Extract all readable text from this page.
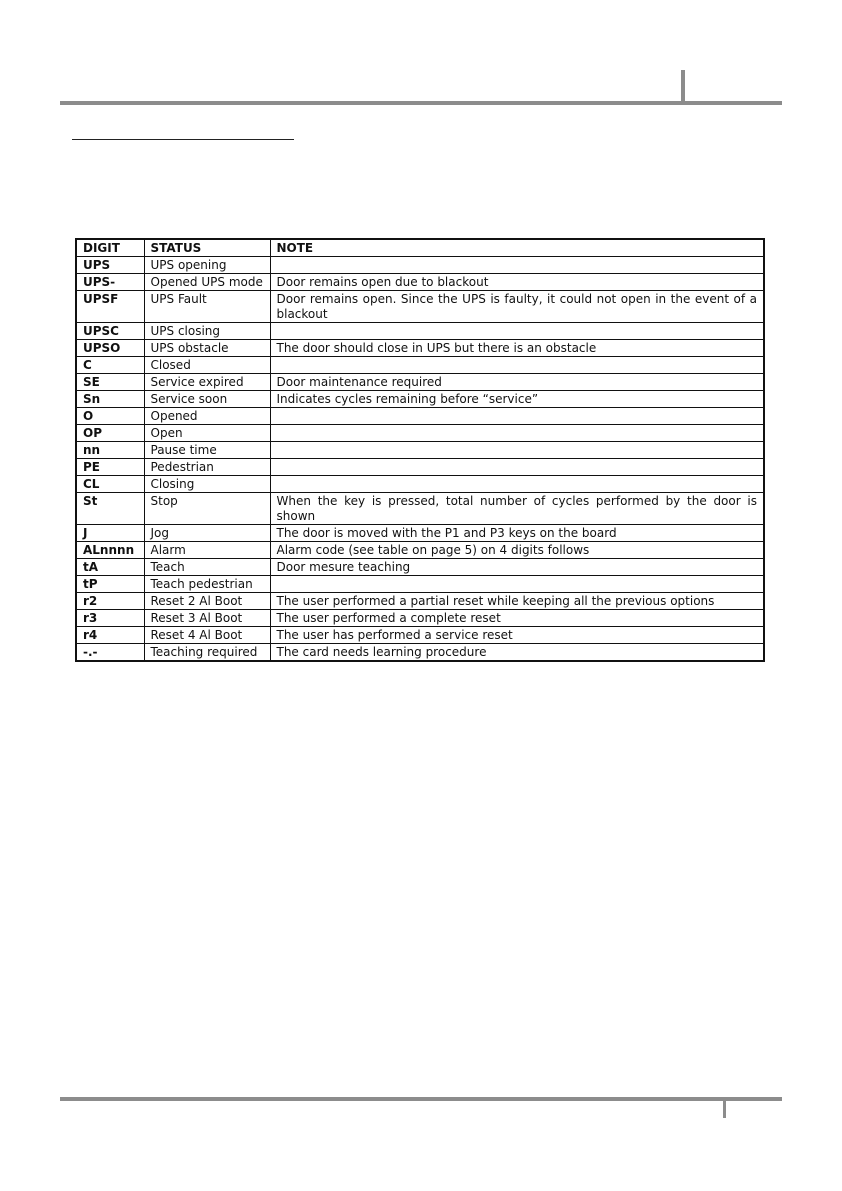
DIGIT	STATUS	NOTE
UPS	UPS opening	
UPS-	Opened UPS mode	Door remains open due to blackout
UPSF	UPS Fault	Door remains open. Since the UPS is faulty, it could not open in the event of a blackout
UPSC	UPS closing	
UPSO	UPS obstacle	The door should close in UPS but there is an obstacle
C	Closed	
SE	Service expired	Door maintenance required
Sn	Service soon	Indicates cycles remaining before “service”
O	Opened	
OP	Open	
nn	Pause time	
PE	Pedestrian	
CL	Closing	
St	Stop	When the key is pressed, total number of cycles performed by the door is shown
J	Jog	The door is moved with the P1 and P3 keys on the board
ALnnnn	Alarm	Alarm code (see table on page 5) on 4 digits follows
tA	Teach	Door mesure teaching
tP	Teach pedestrian	
r2	Reset 2 Al Boot	The user performed a partial reset while keeping all the previous options
r3	Reset 3 Al Boot	The user performed a complete reset
r4	Reset 4 Al Boot	The user has performed a service reset
-.-	Teaching required	The card needs learning procedure
